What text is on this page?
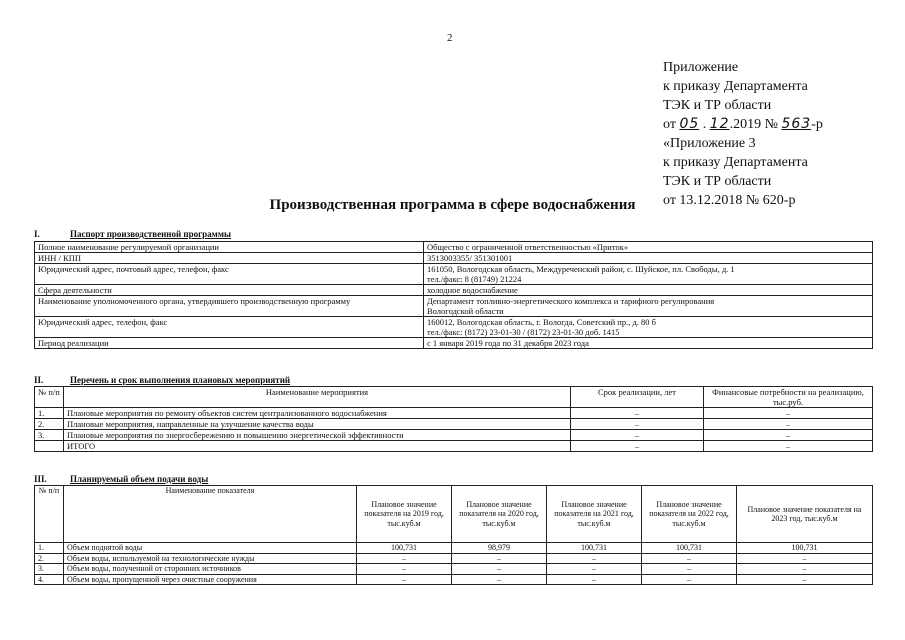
2
Приложение
к приказу Департамента
ТЭК и ТР области
от 05 . 12.2019 № 563-р
«Приложение 3
к приказу Департамента
ТЭК и ТР области
от 13.12.2018 № 620-р
Производственная программа в сфере водоснабжения
I.	Паспорт производственной программы
Полное наименование регулируемой организации	Общество с ограниченной ответственностью «Приток»
ИНН / КПП	3513003355/ 351301001
Юридический адрес, почтовый адрес, телефон, факс	161050, Вологодская область, Междуреченский район, с. Шуйское, пл. Свободы, д. 1
тел./факс: 8 (81749) 21224

Сфера деятельности	холодное водоснабжение
Наименование уполномоченного органа, утвердившего производственную программу	Департамент топливно-энергетического комплекса и тарифного регулирования
Вологодской области

Юридический адрес, телефон, факс	160012, Вологодская область, г. Вологда, Советский пр., д. 80 б
тел./факс: (8172) 23-01-30 / (8172) 23-01-30 доб. 1415

Период реализации	с 1 января 2019 года по 31 декабря 2023 года
II.	Перечень и срок выполнения плановых мероприятий
№ п/п	Наименование мероприятия	Срок реализации, лет	Финансовые потребности на реализацию, тыс.руб.
1.	Плановые мероприятия по ремонту объектов систем централизованного водоснабжения	–	–
2.	Плановые мероприятия, направленные на улучшение качества воды	–	–
3.	Плановые мероприятия по энергосбережению и повышению энергетической эффективности	–	–
	ИТОГО	–	–
III.	Планируемый объем подачи воды
№ п/п	Наименование показателя	Плановое значение показателя на 2019 год, тыс.куб.м	Плановое значение показателя на 2020 год, тыс.куб.м	Плановое значение показателя на 2021 год, тыс.куб.м	Плановое значение показателя на 2022 год, тыс.куб.м	Плановое значение показателя на 2023 год, тыс.куб.м
1.	Объем поднятой воды	100,731	98,979	100,731	100,731	100,731
2.	Объем воды, используемой на технологические нужды	–	–	–	–	–
3.	Объем воды, полученной от сторонних источников	–	–	–	–	–
4.	Объем воды, пропущенной через очистные сооружения	–	–	–	–	–
